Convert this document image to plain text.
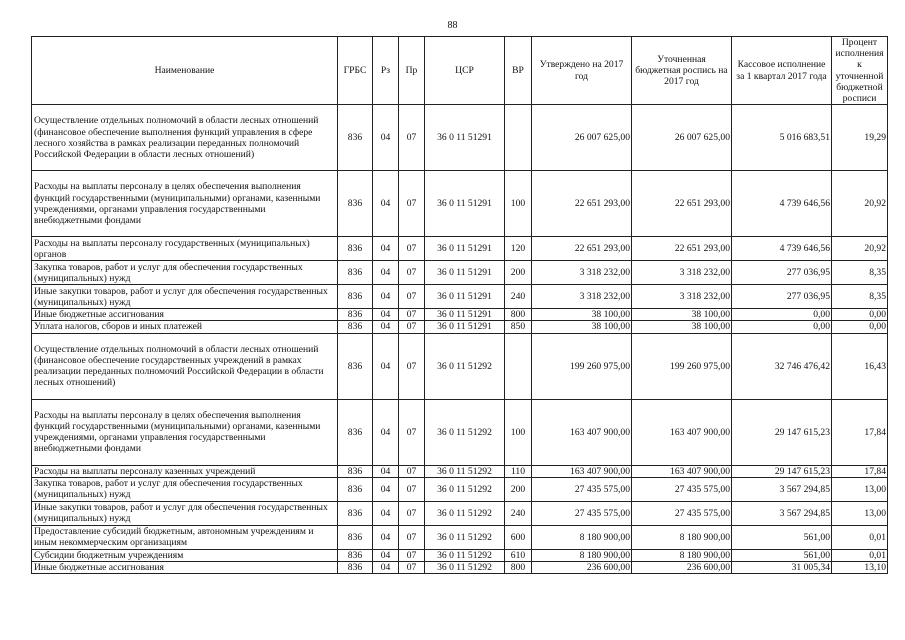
88
Наименование	ГРБС	Рз	Пр	ЦСР	ВР	Утверждено на 2017 год	Уточненная бюджетная роспись на 2017 год	Кассовое исполнение за 1 квартал 2017 года	Процент исполнения к уточненной бюджетной росписи
Осуществление отдельных полномочий в области лесных отношений (финансовое обеспечение выполнения функций управления в сфере лесного хозяйства в рамках реализации переданных полномочий Российской Федерации в области лесных отношений)	836	04	07	36 0 11 51291		26 007 625,00	26 007 625,00	5 016 683,51	19,29
Расходы на выплаты персоналу в целях обеспечения выполнения функций государственными (муниципальными) органами, казенными учреждениями, органами управления государственными внебюджетными фондами	836	04	07	36 0 11 51291	100	22 651 293,00	22 651 293,00	4 739 646,56	20,92
Расходы на выплаты персоналу государственных (муниципальных) органов	836	04	07	36 0 11 51291	120	22 651 293,00	22 651 293,00	4 739 646,56	20,92
Закупка товаров, работ и услуг для обеспечения государственных (муниципальных) нужд	836	04	07	36 0 11 51291	200	3 318 232,00	3 318 232,00	277 036,95	8,35
Иные закупки товаров, работ и услуг для обеспечения государственных (муниципальных) нужд	836	04	07	36 0 11 51291	240	3 318 232,00	3 318 232,00	277 036,95	8,35
Иные бюджетные ассигнования	836	04	07	36 0 11 51291	800	38 100,00	38 100,00	0,00	0,00
Уплата налогов, сборов и иных платежей	836	04	07	36 0 11 51291	850	38 100,00	38 100,00	0,00	0,00
Осуществление отдельных полномочий в области лесных отношений (финансовое обеспечение государственных учреждений в рамках реализации переданных полномочий Российской Федерации в области лесных отношений)	836	04	07	36 0 11 51292		199 260 975,00	199 260 975,00	32 746 476,42	16,43
Расходы на выплаты персоналу в целях обеспечения выполнения функций государственными (муниципальными) органами, казенными учреждениями, органами управления государственными внебюджетными фондами	836	04	07	36 0 11 51292	100	163 407 900,00	163 407 900,00	29 147 615,23	17,84
Расходы на выплаты персоналу казенных учреждений	836	04	07	36 0 11 51292	110	163 407 900,00	163 407 900,00	29 147 615,23	17,84
Закупка товаров, работ и услуг для обеспечения государственных (муниципальных) нужд	836	04	07	36 0 11 51292	200	27 435 575,00	27 435 575,00	3 567 294,85	13,00
Иные закупки товаров, работ и услуг для обеспечения государственных (муниципальных) нужд	836	04	07	36 0 11 51292	240	27 435 575,00	27 435 575,00	3 567 294,85	13,00
Предоставление субсидий бюджетным, автономным учреждениям и иным некоммерческим организациям	836	04	07	36 0 11 51292	600	8 180 900,00	8 180 900,00	561,00	0,01
Субсидии бюджетным учреждениям	836	04	07	36 0 11 51292	610	8 180 900,00	8 180 900,00	561,00	0,01
Иные бюджетные ассигнования	836	04	07	36 0 11 51292	800	236 600,00	236 600,00	31 005,34	13,10
